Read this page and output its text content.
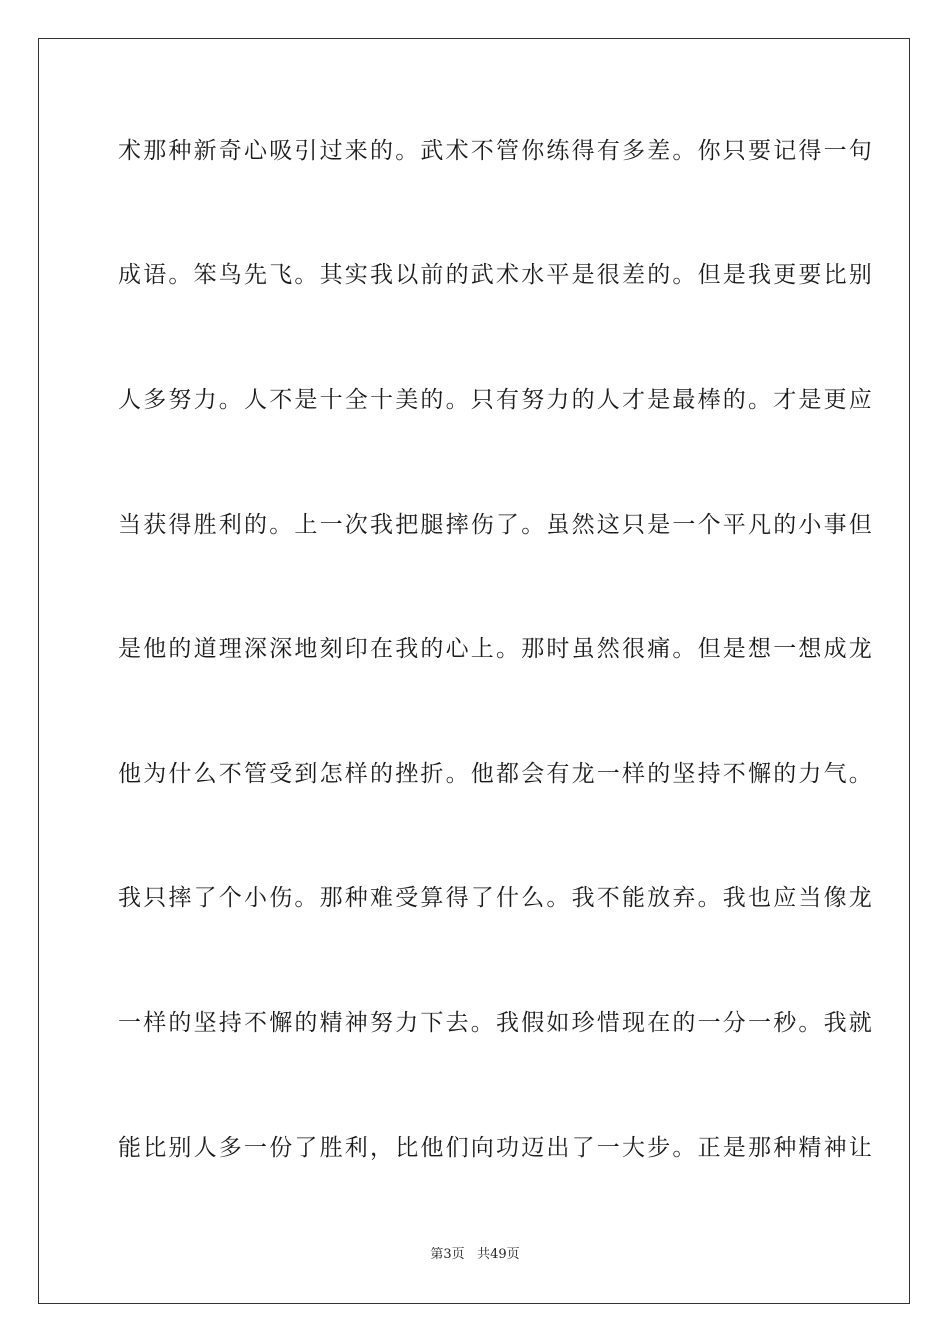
术那种新奇心吸引过来的。武术不管你练得有多差。你只要记得一句
成语。笨鸟先飞。其实我以前的武术水平是很差的。但是我更要比别
人多努力。人不是十全十美的。只有努力的人才是最棒的。才是更应
当获得胜利的。上一次我把腿摔伤了。虽然这只是一个平凡的小事但
是他的道理深深地刻印在我的心上。那时虽然很痛。但是想一想成龙
他为什么不管受到怎样的挫折。他都会有龙一样的坚持不懈的力气。
我只摔了个小伤。那种难受算得了什么。我不能放弃。我也应当像龙
一样的坚持不懈的精神努力下去。我假如珍惜现在的一分一秒。我就
能比别人多一份了胜利，比他们向功迈出了一大步。正是那种精神让
第3页 共49页
